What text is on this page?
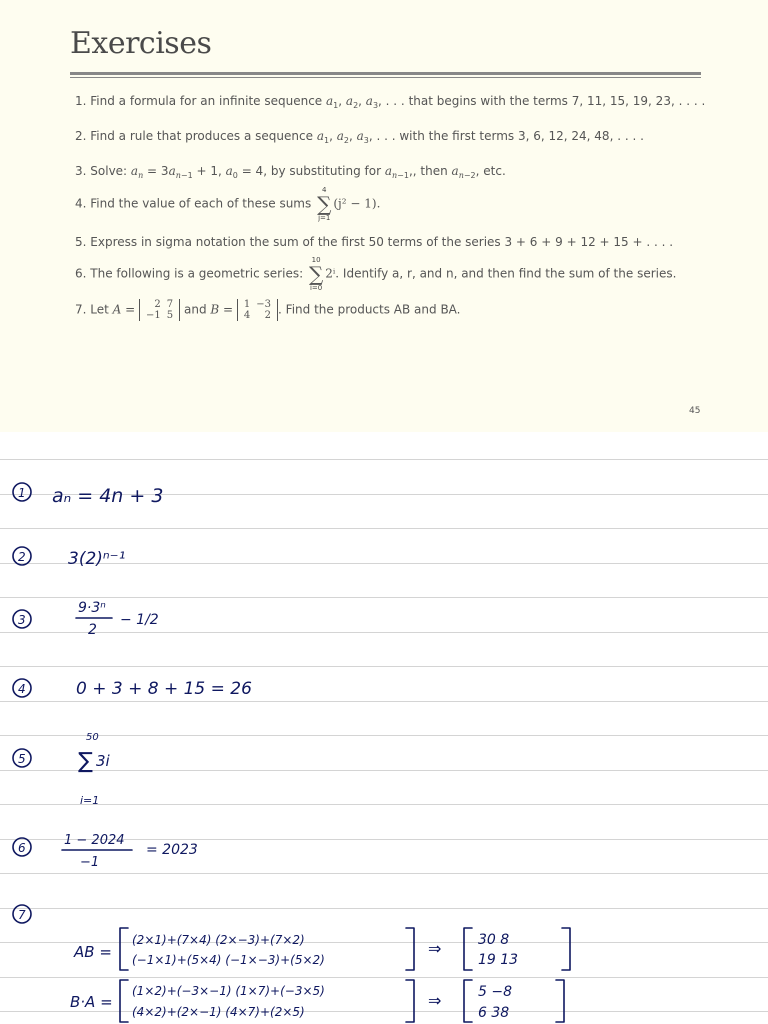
Exercises
1. Find a formula for an infinite sequence $a_1$, $a_2$, $a_3$, . . . that begins with the terms 7, 11, 15, 19, 23, . . . .
2. Find a rule that produces a sequence $a_1$, $a_2$, $a_3$, . . . with the first terms 3, 6, 12, 24, 48, . . . .
3. Solve: $a_n = 3a_{n-1} + 1$, $a_0 = 4$, by substituting for $a_{n-1}$,, then $a_{n-2}$, etc.
4. Find the value of each of these sums
4
∑
j=1
(j² − 1).
5. Express in sigma notation the sum of the first 50 terms of the series 3 + 6 + 9 + 12 + 15 + . . . .
6. The following is a geometric series:
10
∑
i=0
2ⁱ. Identify a, r, and n, and then find the sum of the series.
7. Let A = 2	7
−1	5 and B = 1	−3
4	2 . Find the products AB and BA.
45
1
2
3
4
5
6
7
aₙ = 4n + 3
3(2)ⁿ⁻¹
9·3ⁿ
2
− 1/2
0 + 3 + 8 + 15 = 26
50
∑ 3i
i=1
1 − 2024
−1
= 2023
AB =
(2×1)+(7×4) (2×−3)+(7×2)
(−1×1)+(5×4) (−1×−3)+(5×2)
⇒	30 8
19 13
B·A =
(1×2)+(−3×−1) (1×7)+(−3×5)
(4×2)+(2×−1) (4×7)+(2×5)
⇒	5 −8
6 38
